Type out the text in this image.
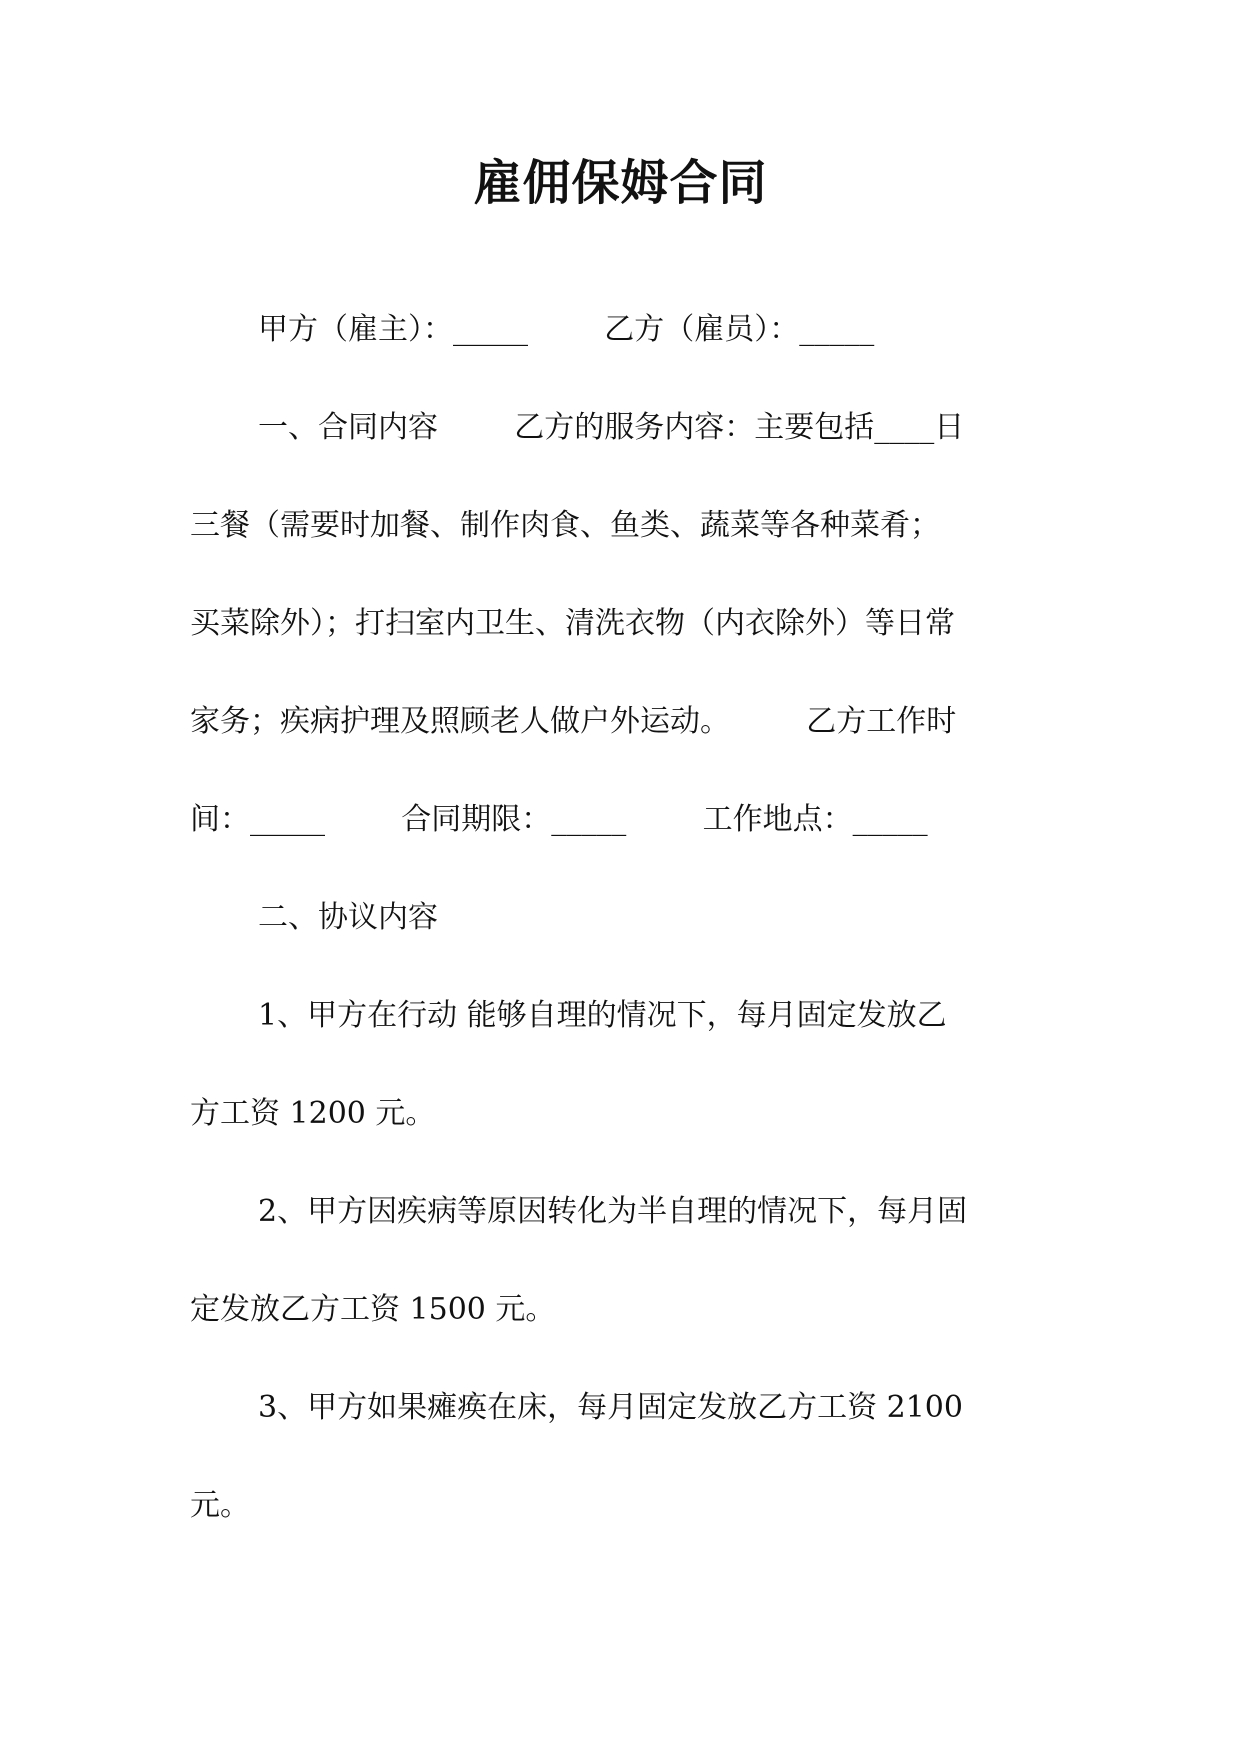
雇佣保姆合同

甲方（雇主）：_____        乙方（雇员）：_____

一、合同内容        乙方的服务内容：主要包括____日

三餐（需要时加餐、制作肉食、鱼类、蔬菜等各种菜肴；

买菜除外）；打扫室内卫生、清洗衣物（内衣除外）等日常

家务；疾病护理及照顾老人做户外运动。        乙方工作时

间：_____        合同期限：_____        工作地点：_____

二、协议内容

1、甲方在行动 能够自理的情况下，每月固定发放乙

方工资 1200 元。

2、甲方因疾病等原因转化为半自理的情况下，每月固

定发放乙方工资 1500 元。

3、甲方如果瘫痪在床，每月固定发放乙方工资 2100

元。
